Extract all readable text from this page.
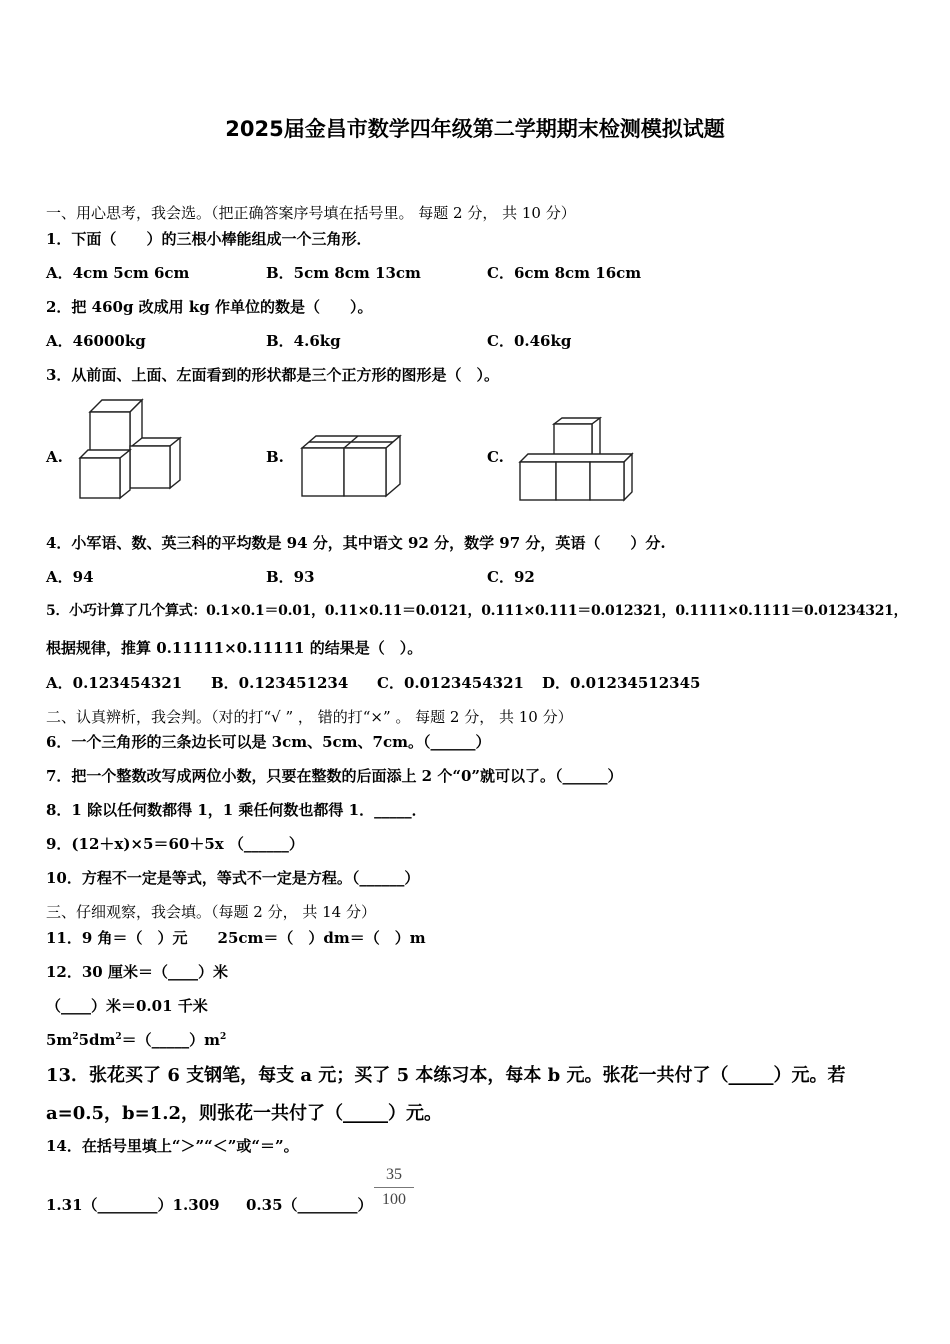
2025届金昌市数学四年级第二学期期末检测模拟试题
一、用心思考，我会选。（把正确答案序号填在括号里。 每题 2 分， 共 10 分）
1．下面（　　）的三根小棒能组成一个三角形．
A．4cm 5cm 6cm	B．5cm 8cm 13cm	C．6cm 8cm 16cm
2．把 460g 改成用 kg 作单位的数是（　　）。
A．46000kg	B．4.6kg	C．0.46kg
3．从前面、上面、左面看到的形状都是三个正方形的图形是（　）。
A.	B.	C.
4．小军语、数、英三科的平均数是 94 分，其中语文 92 分，数学 97 分，英语（　　）分.
A．94	B．93	C．92
5．小巧计算了几个算式：0.1×0.1＝0.01，0.11×0.11＝0.0121，0.111×0.111＝0.012321，0.1111×0.1111＝0.01234321，
根据规律，推算 0.11111×0.11111 的结果是（　）。
A．0.123454321 B．0.123451234 C．0.0123454321 D．0.01234512345
二、认真辨析，我会判。（对的打“√ ” ， 错的打“×” 。 每题 2 分， 共 10 分）
6．一个三角形的三条边长可以是 3cm、5cm、7cm。（______）
7．把一个整数改写成两位小数，只要在整数的后面添上 2 个“0”就可以了。（______）
8．1 除以任何数都得 1，1 乘任何数也都得 1．_____．
9．(12＋x)×5＝60＋5x （______）
10．方程不一定是等式，等式不一定是方程。（______）
三、仔细观察，我会填。（每题 2 分， 共 14 分）
11．9 角＝（　）元　　25cm＝（　）dm＝（　）m
12．30 厘米＝（____）米
（____）米＝0.01 千米
$5m^25dm^2=(\_\_\_\_\_)m^2$
13．张花买了 6 支钢笔，每支 a 元；买了 5 本练习本，每本 b 元。张花一共付了（_____）元。若
a=0.5，b=1.2，则张花一共付了（_____）元。
14．在括号里填上“＞”“＜”或“＝”。
1.31（________）1.309 0.35（________）
35
100
